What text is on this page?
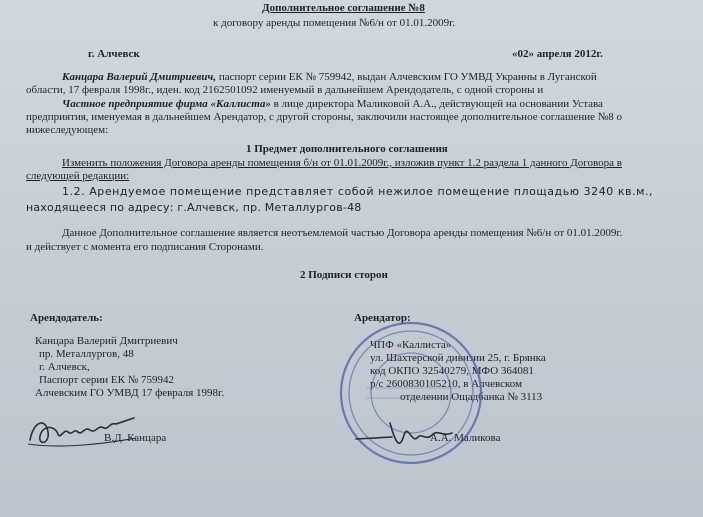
Дополнительное соглашение №8
к договору аренды помещения №6/н от 01.01.2009г.
г. Алчевск	«02» апреля 2012г.
Канцара Валерий Дмитриевич, паспорт серии ЕК № 759942, выдан Алчевским ГО УМВД Украины в Луганской
области, 17 февраля 1998г., иден. код 2162501092 именуемый в дальнейшем Арендодатель, с одной стороны и
Частное предприятие фирма «Каллиста» в лице директора Маликовой А.А., действующей на основании Устава
предприятия, именуемая в дальнейшем Арендатор, с другой стороны, заключили настоящее дополнительное соглашение №8 о
нижеследующем:
1 Предмет дополнительного соглашения
Изменить положения Договора аренды помещения б/н от 01.01.2009г., изложив пункт 1.2 раздела 1 данного Договора в
следующей редакции:
1.2. Арендуемое помещение представляет собой нежилое помещение площадью 3240 кв.м.,
находящееся по адресу: г.Алчевск, пр. Металлургов-48
Данное Дополнительное соглашение является неотъемлемой частью Договора аренды помещения №6/н от 01.01.2009г.
и действует с момента его подписания Сторонами.
2 Подписи сторон
Арендодатель:
Канцара Валерий Дмитриевич
пр. Металлургов, 48
г. Алчевск,
Паспорт серии ЕК № 759942
Алчевским ГО УМВД 17 февраля 1998г.
В.Д. Канцара
Арендатор:
ЧПФ «Каллиста»
ул. Шахтерской дивизии 25, г. Брянка
код ОКПО 32540279, МФО 364081
р/с 2600830105210, в Алчевском
отделении Ощадбанка № 3113
А.А. Маликова
